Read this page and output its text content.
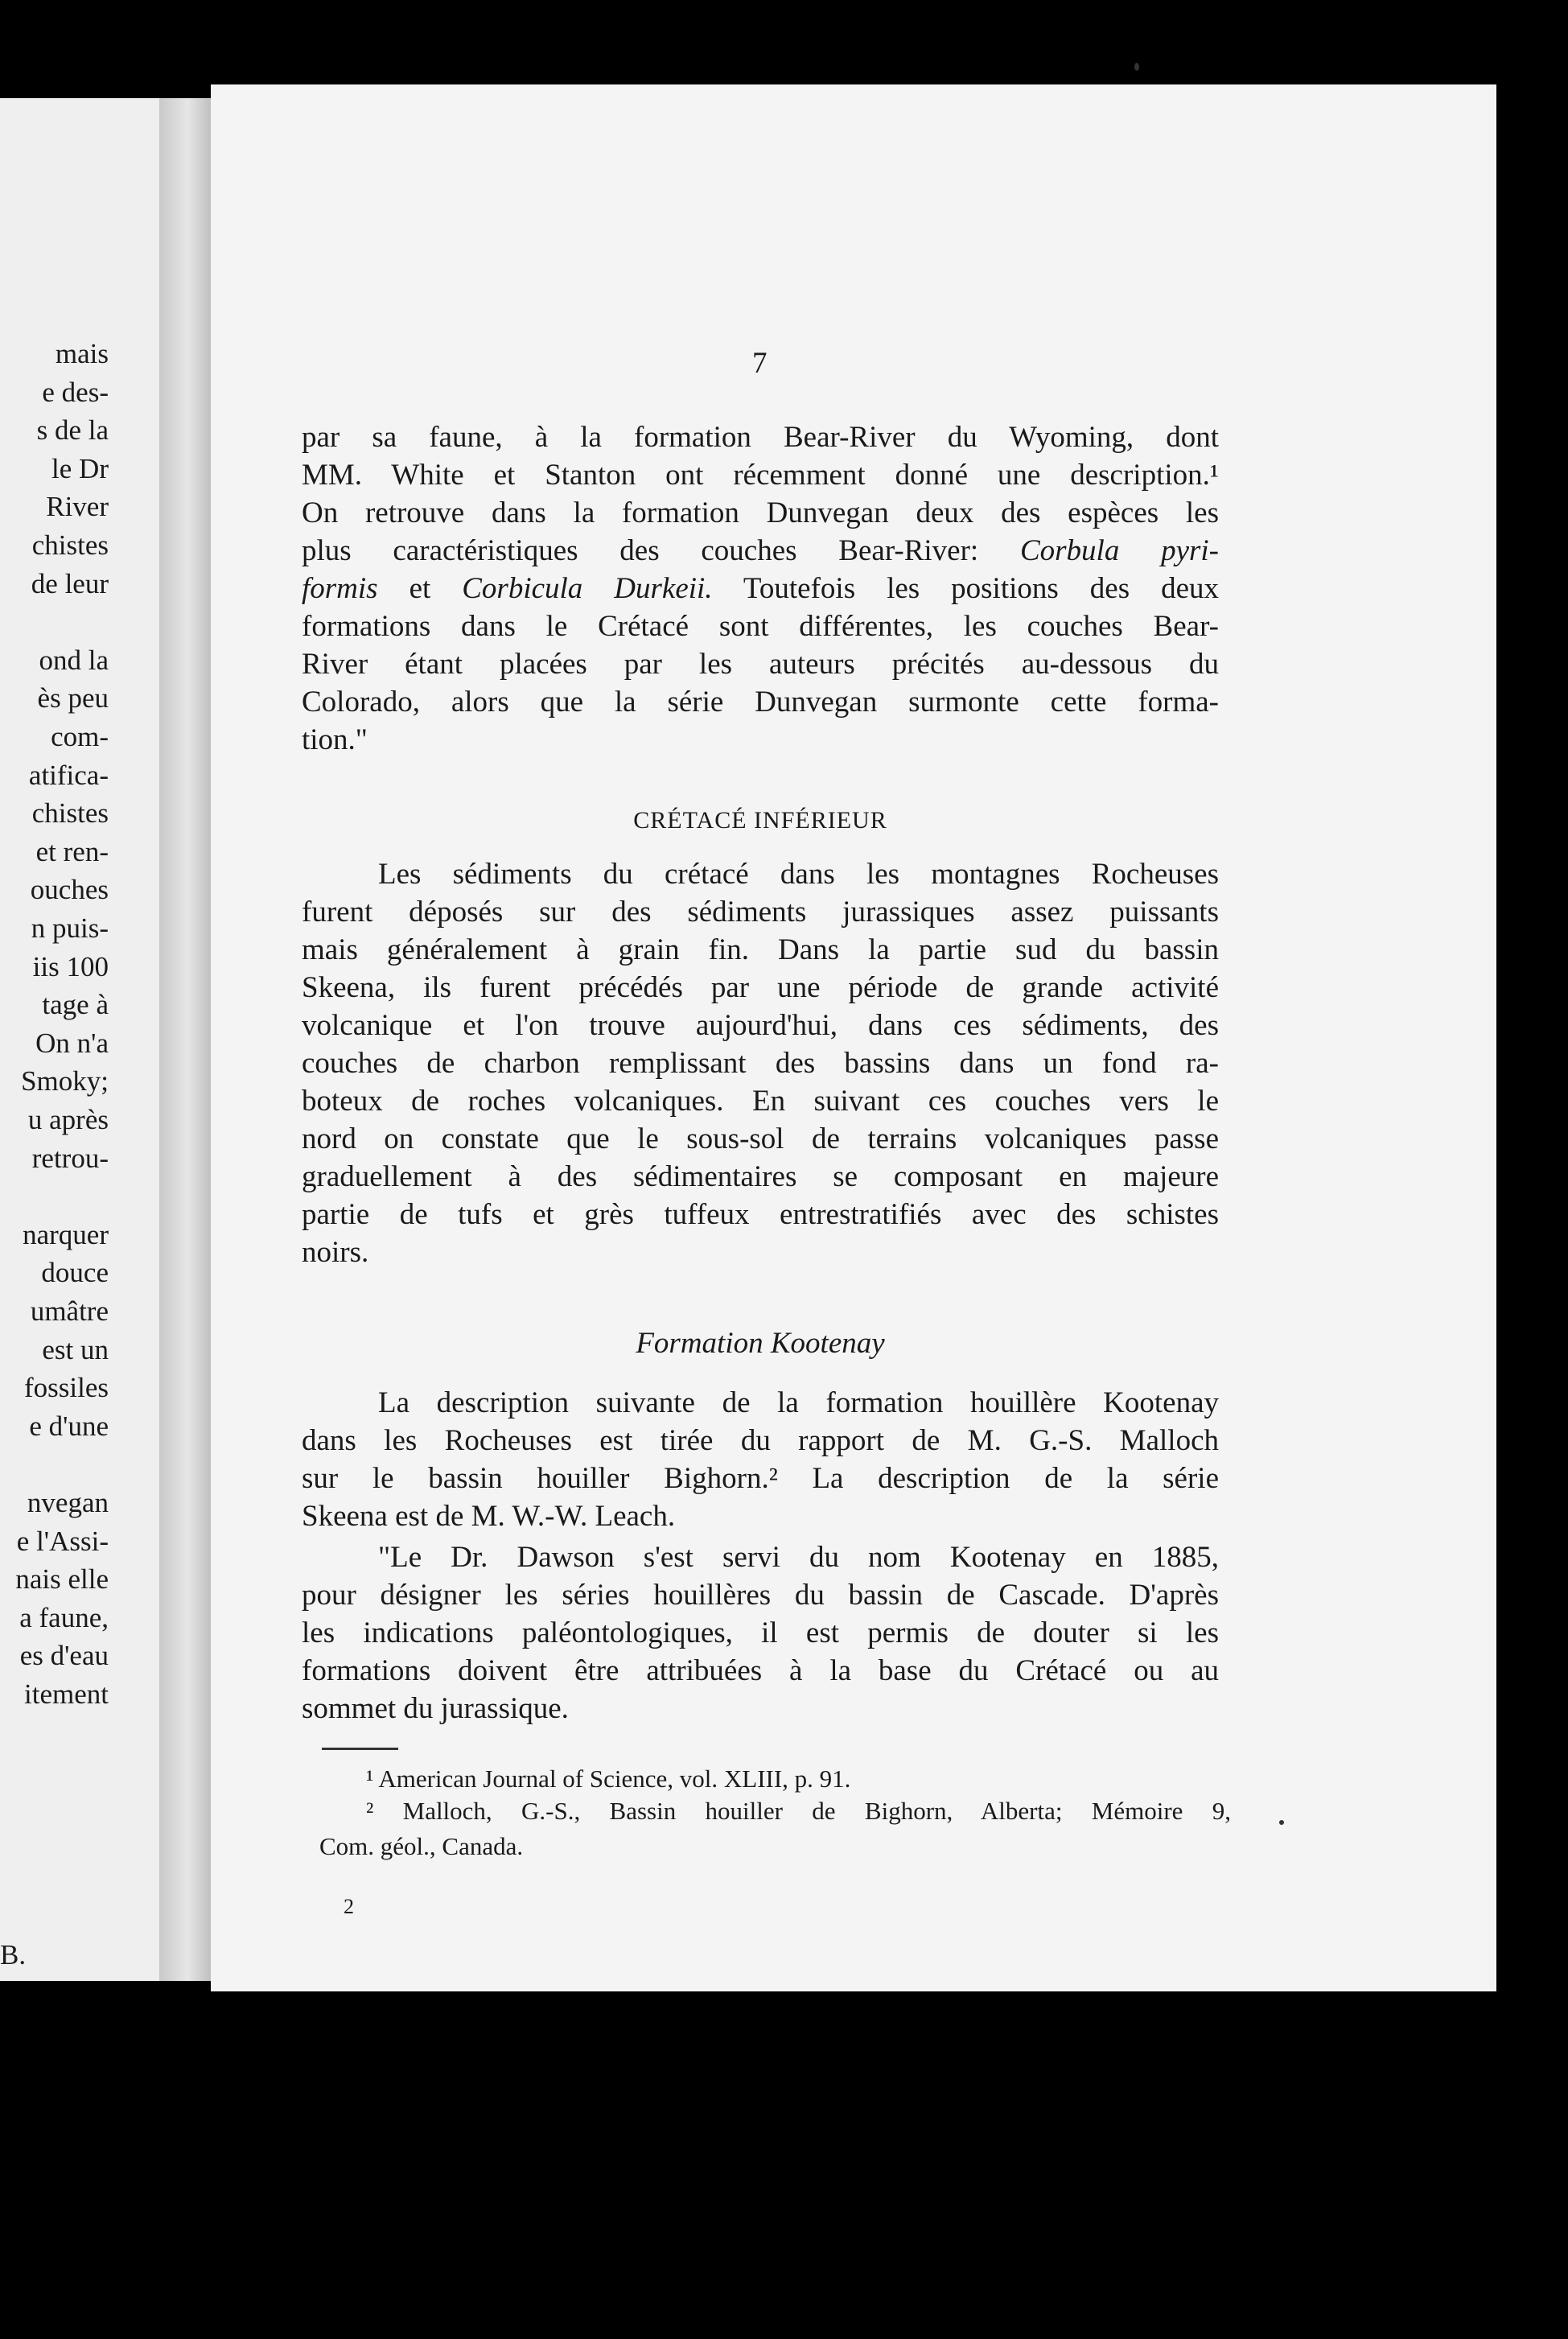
mais
e des-
s de la
le Dr
River
chistes
de leur
ond la
ès peu
com-
atifica-
chistes
et ren-
ouches
n puis-
iis 100
tage à
On n'a
Smoky;
u après
retrou-
narquer
douce
umâtre
est un
fossiles
e d'une
nvegan
e l'Assi-
nais elle
a faune,
es d'eau
itement
B.
7
par sa faune, à la formation Bear-River du Wyoming, dont
MM. White et Stanton ont récemment donné une description.¹
On retrouve dans la formation Dunvegan deux des espèces les
plus caractéristiques des couches Bear-River: Corbula pyri-
formis et Corbicula Durkeii. Toutefois les positions des deux
formations dans le Crétacé sont différentes, les couches Bear-
River étant placées par les auteurs précités au-dessous du
Colorado, alors que la série Dunvegan surmonte cette forma-
tion."
CRÉTACÉ INFÉRIEUR
Les sédiments du crétacé dans les montagnes Rocheuses
furent déposés sur des sédiments jurassiques assez puissants
mais généralement à grain fin. Dans la partie sud du bassin
Skeena, ils furent précédés par une période de grande activité
volcanique et l'on trouve aujourd'hui, dans ces sédiments, des
couches de charbon remplissant des bassins dans un fond ra-
boteux de roches volcaniques. En suivant ces couches vers le
nord on constate que le sous-sol de terrains volcaniques passe
graduellement à des sédimentaires se composant en majeure
partie de tufs et grès tuffeux entrestratifiés avec des schistes
noirs.
Formation Kootenay
La description suivante de la formation houillère Kootenay
dans les Rocheuses est tirée du rapport de M. G.-S. Malloch
sur le bassin houiller Bighorn.² La description de la série
Skeena est de M. W.-W. Leach.
"Le Dr. Dawson s'est servi du nom Kootenay en 1885,
pour désigner les séries houillères du bassin de Cascade. D'après
les indications paléontologiques, il est permis de douter si les
formations doivent être attribuées à la base du Crétacé ou au
sommet du jurassique.
¹ American Journal of Science, vol. XLIII, p. 91.
² Malloch, G.-S., Bassin houiller de Bighorn, Alberta; Mémoire 9,
Com. géol., Canada.
2
